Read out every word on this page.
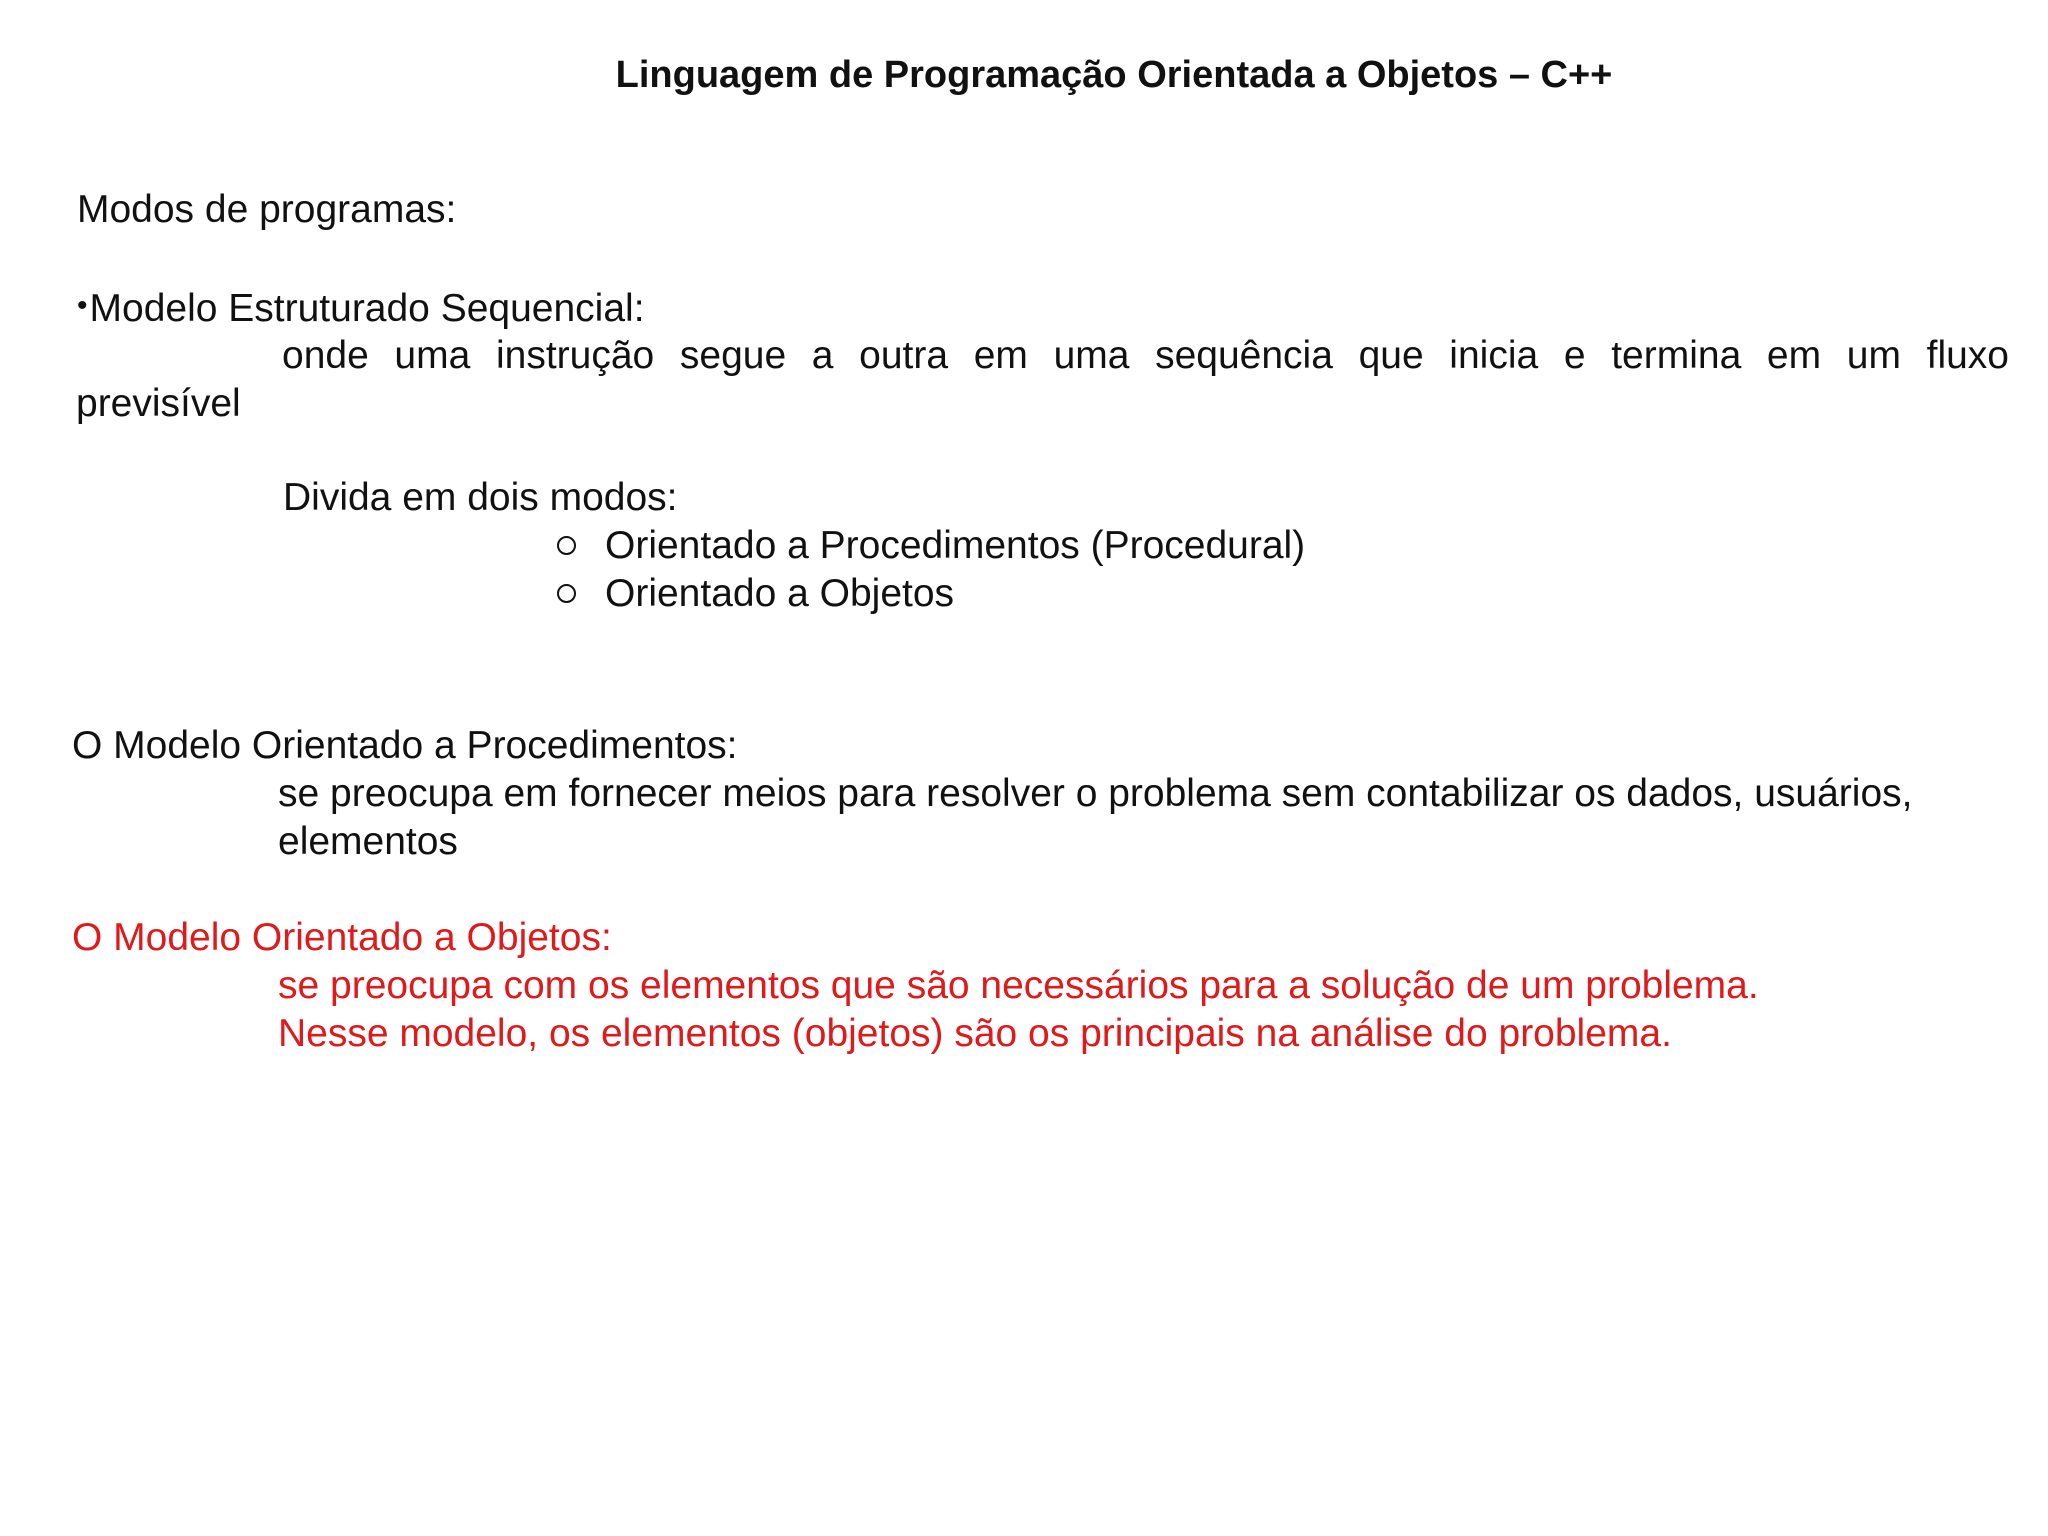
Linguagem de Programação Orientada a Objetos – C++
Modos de programas:
•Modelo Estruturado Sequencial:
onde uma instrução segue a outra em uma sequência que inicia e termina em um fluxo previsível
Divida em dois modos:
Orientado a Procedimentos (Procedural)
Orientado a Objetos
O Modelo Orientado a Procedimentos:
se preocupa em fornecer meios para resolver o problema sem contabilizar os dados, usuários,
elementos
O Modelo Orientado a Objetos:
se preocupa com os elementos que são necessários para a solução de um problema.
Nesse modelo, os elementos (objetos) são os principais na análise do problema.
